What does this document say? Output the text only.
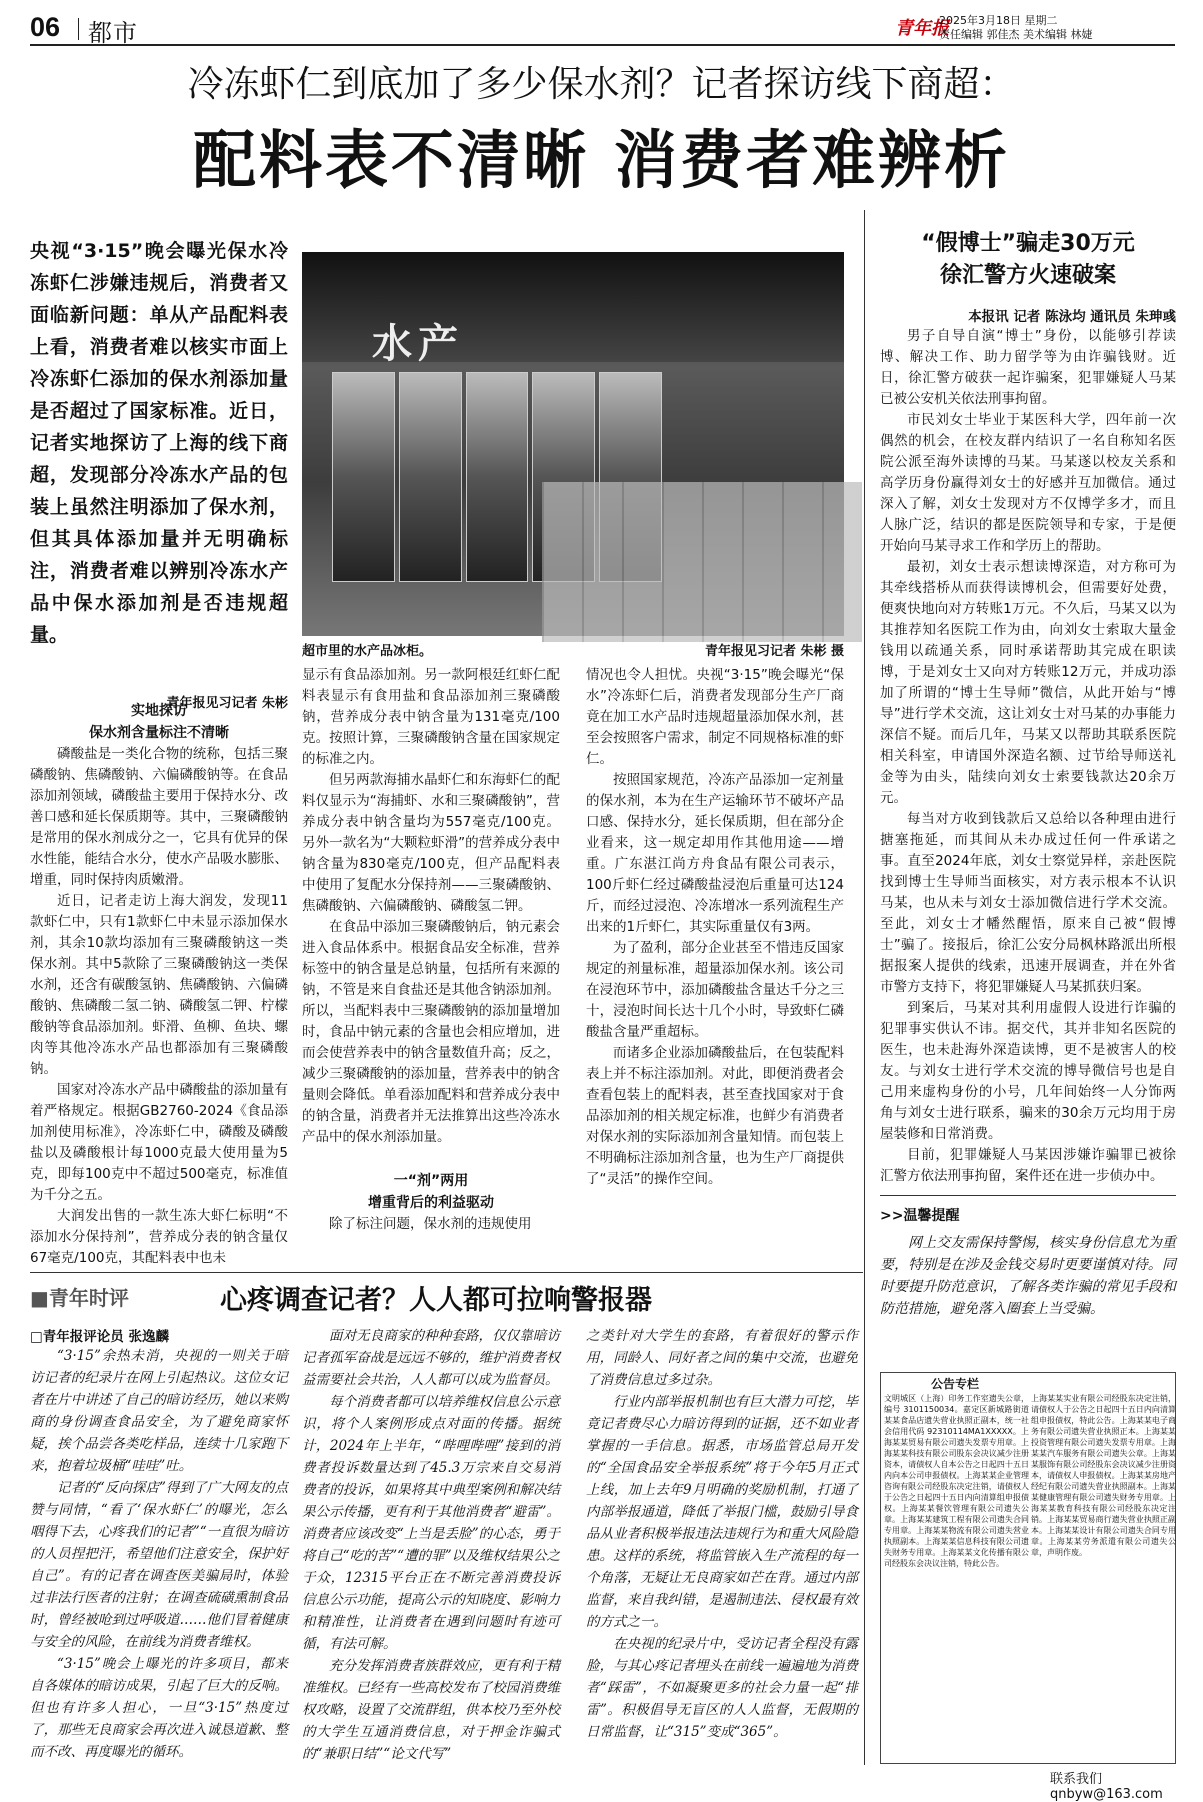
06 都市	青年报
2025年3月18日 星期二
责任编辑 郭佳杰 美术编辑 林婕
冷冻虾仁到底加了多少保水剂？记者探访线下商超：
配料表不清晰 消费者难辨析
央视“3·15”晚会曝光保水冷冻虾仁涉嫌违规后，消费者又面临新问题：单从产品配料表上看，消费者难以核实市面上冷冻虾仁添加的保水剂添加量是否超过了国家标准。近日，记者实地探访了上海的线下商超，发现部分冷冻水产品的包装上虽然注明添加了保水剂，但其具体添加量并无明确标注，消费者难以辨别冷冻水产品中保水添加剂是否违规超量。
青年报见习记者 朱彬
水产
超市里的水产品冰柜。	青年报见习记者 朱彬 摄
实地探访
保水剂含量标注不清晰

磷酸盐是一类化合物的统称，包括三聚磷酸钠、焦磷酸钠、六偏磷酸钠等。在食品添加剂领域，磷酸盐主要用于保持水分、改善口感和延长保质期等。其中，三聚磷酸钠是常用的保水剂成分之一，它具有优异的保水性能，能结合水分，使水产品吸水膨胀、增重，同时保持肉质嫩滑。

近日，记者走访上海大润发，发现11款虾仁中，只有1款虾仁中未显示添加保水剂，其余10款均添加有三聚磷酸钠这一类保水剂。其中5款除了三聚磷酸钠这一类保水剂，还含有碳酸氢钠、焦磷酸钠、六偏磷酸钠、焦磷酸二氢二钠、磷酸氢二钾、柠檬酸钠等食品添加剂。虾滑、鱼柳、鱼块、螺肉等其他冷冻水产品也都添加有三聚磷酸钠。

国家对冷冻水产品中磷酸盐的添加量有着严格规定。根据GB2760-2024《食品添加剂使用标准》，冷冻虾仁中，磷酸及磷酸盐以及磷酸根计每1000克最大使用量为5克，即每100克中不超过500毫克，标准值为千分之五。

大润发出售的一款生冻大虾仁标明“不添加水分保持剂”，营养成分表的钠含量仅67毫克/100克，其配料表中也未

显示有食品添加剂。另一款阿根廷红虾仁配料表显示有食用盐和食品添加剂三聚磷酸钠，营养成分表中钠含量为131毫克/100克。按照计算，三聚磷酸钠含量在国家规定的标准之内。

但另两款海捕水晶虾仁和东海虾仁的配料仅显示为“海捕虾、水和三聚磷酸钠”，营养成分表中钠含量均为557毫克/100克。另外一款名为“大颗粒虾滑”的营养成分表中钠含量为830毫克/100克，但产品配料表中使用了复配水分保持剂——三聚磷酸钠、焦磷酸钠、六偏磷酸钠、磷酸氢二钾。

在食品中添加三聚磷酸钠后，钠元素会进入食品体系中。根据食品安全标准，营养标签中的钠含量是总钠量，包括所有来源的钠，不管是来自食盐还是其他含钠添加剂。所以，当配料表中三聚磷酸钠的添加量增加时，食品中钠元素的含量也会相应增加，进而会使营养表中的钠含量数值升高；反之，减少三聚磷酸钠的添加量，营养表中的钠含量则会降低。单看添加配料和营养成分表中的钠含量，消费者并无法推算出这些冷冻水产品中的保水剂添加量。

一“剂”两用
增重背后的利益驱动

除了标注问题，保水剂的违规使用

情况也令人担忧。央视“3·15”晚会曝光“保水”冷冻虾仁后，消费者发现部分生产厂商竟在加工水产品时违规超量添加保水剂，甚至会按照客户需求，制定不同规格标准的虾仁。

按照国家规范，冷冻产品添加一定剂量的保水剂，本为在生产运输环节不破坏产品口感、保持水分，延长保质期，但在部分企业看来，这一规定却用作其他用途——增重。广东湛江尚方舟食品有限公司表示，100斤虾仁经过磷酸盐浸泡后重量可达124斤，而经过浸泡、冷冻增冰一系列流程生产出来的1斤虾仁，其实际重量仅有3两。

为了盈利，部分企业甚至不惜违反国家规定的剂量标准，超量添加保水剂。该公司在浸泡环节中，添加磷酸盐含量达千分之三十，浸泡时间长达十几个小时，导致虾仁磷酸盐含量严重超标。

而诸多企业添加磷酸盐后，在包装配料表上并不标注添加剂。对此，即便消费者会查看包装上的配料表，甚至查找国家对于食品添加剂的相关规定标准，也鲜少有消费者对保水剂的实际添加剂含量知情。而包装上不明确标注添加剂含量，也为生产厂商提供了“灵活”的操作空间。

“假博士”骗走30万元
徐汇警方火速破案
本报讯 记者 陈泳均 通讯员 朱珅彧

男子自导自演“博士”身份，以能够引荐读博、解决工作、助力留学等为由诈骗钱财。近日，徐汇警方破获一起诈骗案，犯罪嫌疑人马某已被公安机关依法刑事拘留。

市民刘女士毕业于某医科大学，四年前一次偶然的机会，在校友群内结识了一名自称知名医院公派至海外读博的马某。马某遂以校友关系和高学历身份赢得刘女士的好感并互加微信。通过深入了解，刘女士发现对方不仅博学多才，而且人脉广泛，结识的都是医院领导和专家，于是便开始向马某寻求工作和学历上的帮助。

最初，刘女士表示想读博深造，对方称可为其牵线搭桥从而获得读博机会，但需要好处费，便爽快地向对方转账1万元。不久后，马某又以为其推荐知名医院工作为由，向刘女士索取大量金钱用以疏通关系，同时承诺帮助其完成在职读博，于是刘女士又向对方转账12万元，并成功添加了所谓的“博士生导师”微信，从此开始与“博导”进行学术交流，这让刘女士对马某的办事能力深信不疑。而后几年，马某又以帮助其联系医院相关科室，申请国外深造名额、过节给导师送礼金等为由头，陆续向刘女士索要钱款达20余万元。

每当对方收到钱款后又总给以各种理由进行搪塞拖延，而其间从未办成过任何一件承诺之事。直至2024年底，刘女士察觉异样，亲赴医院找到博士生导师当面核实，对方表示根本不认识马某，也从未与刘女士添加微信进行学术交流。至此，刘女士才幡然醒悟，原来自己被“假博士”骗了。接报后，徐汇公安分局枫林路派出所根据报案人提供的线索，迅速开展调查，并在外省市警方支持下，将犯罪嫌疑人马某抓获归案。

到案后，马某对其利用虚假人设进行诈骗的犯罪事实供认不讳。据交代，其并非知名医院的医生，也未赴海外深造读博，更不是被害人的校友。与刘女士进行学术交流的博导微信号也是自己用来虚构身份的小号，几年间始终一人分饰两角与刘女士进行联系，骗来的30余万元均用于房屋装修和日常消费。

目前，犯罪嫌疑人马某因涉嫌诈骗罪已被徐汇警方依法刑事拘留，案件还在进一步侦办中。

>>温馨提醒
网上交友需保持警惕，核实身份信息尤为重要，特别是在涉及金钱交易时更要谨慎对待。同时要提升防范意识，了解各类诈骗的常见手段和防范措施，避免落入圈套上当受骗。
■青年时评	心疼调查记者？人人都可拉响警报器
□青年报评论员 张逸麟

“3·15”余热未消，央视的一则关于暗访记者的纪录片在网上引起热议。这位女记者在片中讲述了自己的暗访经历，她以来购商的身份调查食品安全，为了避免商家怀疑，挨个品尝各类吃样品，连续十几家跑下来，抱着垃圾桶“哇哇”吐。

记者的“反向探店”得到了广大网友的点赞与同情，“看了‘保水虾仁’的曝光，怎么咽得下去，心疼我们的记者”“一直很为暗访的人员捏把汗，希望他们注意安全，保护好自己”。有的记者在调查医美骗局时，体验过非法行医者的注射；在调查硫磺熏制食品时，曾经被呛到过呼吸道……他们冒着健康与安全的风险，在前线为消费者维权。

“3·15”晚会上曝光的许多项目，都来自各媒体的暗访成果，引起了巨大的反响。但也有许多人担心，一旦“3·15”热度过了，那些无良商家会再次进入诚恳道歉、整而不改、再度曝光的循环。

面对无良商家的种种套路，仅仅靠暗访记者孤军奋战是远远不够的，维护消费者权益需要社会共治，人人都可以成为监督员。

每个消费者都可以培养维权信息公示意识，将个人案例形成点对面的传播。据统计，2024年上半年，“哔哩哔哩”接到的消费者投诉数量达到了45.3万宗来自交易消费者的投诉，如果将其中典型案例和解决结果公示传播，更有利于其他消费者“避雷”。消费者应该改变“上当是丢脸”的心态，勇于将自己“吃的苦”“遭的罪”以及维权结果公之于众，12315平台正在不断完善消费投诉信息公示功能，提高公示的知晓度、影响力和精准性，让消费者在遇到问题时有迹可循，有法可解。

充分发挥消费者族群效应，更有利于精准维权。已经有一些高校发布了校园消费维权攻略，设置了交流群组，供本校乃至外校的大学生互通消费信息，对于押金诈骗式的“兼职日结”“论文代写”

之类针对大学生的套路，有着很好的警示作用，同龄人、同好者之间的集中交流，也避免了消费信息过多过杂。

行业内部举报机制也有巨大潜力可挖，毕竟记者费尽心力暗访得到的证据，还不如业者掌握的一手信息。据悉，市场监管总局开发的“全国食品安全举报系统”将于今年5月正式上线，加上去年9月明确的奖励机制，打通了内部举报通道，降低了举报门槛，鼓励引导食品从业者积极举报违法违规行为和重大风险隐患。这样的系统，将监管嵌入生产流程的每一个角落，无疑让无良商家如芒在背。通过内部监督，来自我纠错，是遏制违法、侵权最有效的方式之一。

在央视的纪录片中，受访记者全程没有露脸，与其心疼记者埋头在前线一遍遍地为消费者“踩雷”，不如凝聚更多的社会力量一起“排雷”。积极倡导无盲区的人人监督，无假期的日常监督，让“315”变成“365”。

公告专栏
文明城区（上海）印务工作室遗失公章，编号 3101150034。嘉定区新城路街道某某食品店遗失营业执照正副本，统一社会信用代码 92310114MA1XXXXX。上海某某贸易有限公司遗失发票专用章。上海某某科技有限公司股东会决议减少注册资本，请债权人自本公告之日起四十五日内向本公司申报债权。上海某某企业管理咨询有限公司经股东决定注销，请债权人于公告之日起四十五日内向清算组申报债权。上海某某餐饮管理有限公司遗失公章。上海某某建筑工程有限公司遗失合同专用章。上海某某物流有限公司遗失营业执照副本。上海某某信息科技有限公司遗失财务专用章。上海某某文化传播有限公司经股东会决议注销，特此公告。
上海某某实业有限公司经股东决定注销，请债权人于公告之日起四十五日内向清算组申报债权，特此公告。上海某某电子商务有限公司遗失营业执照正本。上海某某投资管理有限公司遗失发票专用章。上海某某汽车服务有限公司遗失公章。上海某某服饰有限公司经股东会决议减少注册资本，请债权人申报债权。上海某某房地产经纪有限公司遗失营业执照副本。上海某某健康管理有限公司遗失财务专用章。上海某某教育科技有限公司经股东决定注销。上海某某贸易商行遗失营业执照正副本。上海某某设计有限公司遗失合同专用章。上海某某劳务派遣有限公司遗失公章，声明作废。
联系我们 qnbyw@163.com
